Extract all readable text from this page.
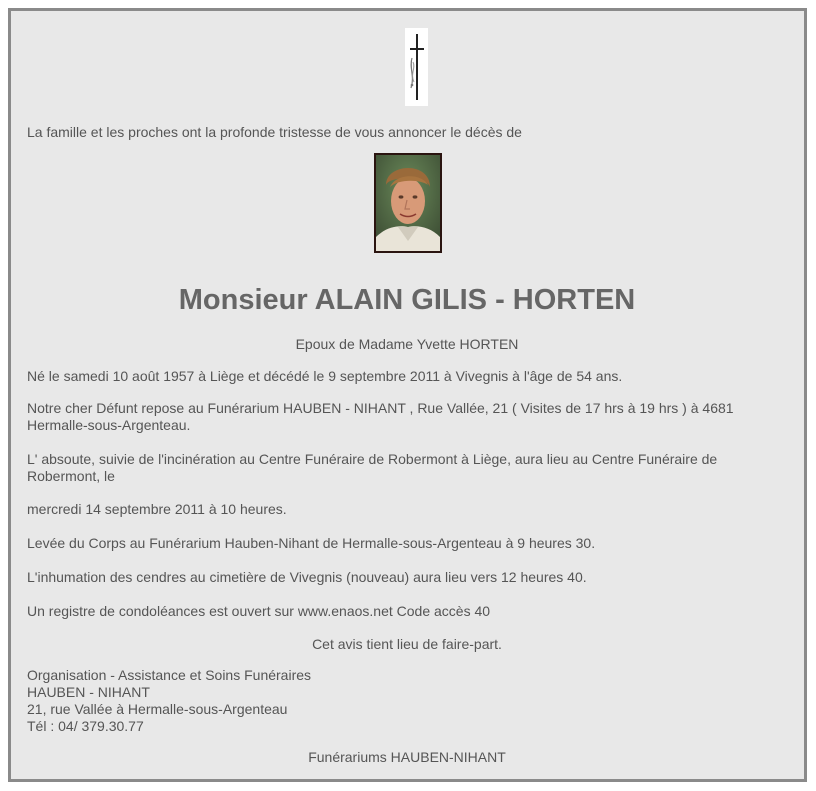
La famille et les proches ont la profonde tristesse de vous annoncer le décès de
Monsieur ALAIN GILIS - HORTEN
Epoux de Madame Yvette HORTEN
Né le samedi 10 août 1957 à Liège et décédé le 9 septembre 2011 à Vivegnis à l'âge de 54 ans.
Notre cher Défunt repose au Funérarium HAUBEN - NIHANT , Rue Vallée, 21 ( Visites de 17 hrs à 19 hrs ) à 4681 Hermalle-sous-Argenteau.
L' absoute, suivie de l'incinération au Centre Funéraire de Robermont à Liège, aura lieu au Centre Funéraire de Robermont, le
mercredi 14 septembre 2011 à 10 heures.
Levée du Corps au Funérarium Hauben-Nihant de Hermalle-sous-Argenteau à 9 heures 30.
L'inhumation des cendres au cimetière de Vivegnis (nouveau) aura lieu vers 12 heures 40.
Un registre de condoléances est ouvert sur www.enaos.net Code accès 40
Cet avis tient lieu de faire-part.
Organisation - Assistance et Soins Funéraires
HAUBEN - NIHANT
21, rue Vallée à Hermalle-sous-Argenteau
Tél : 04/ 379.30.77
Funérariums HAUBEN-NIHANT
